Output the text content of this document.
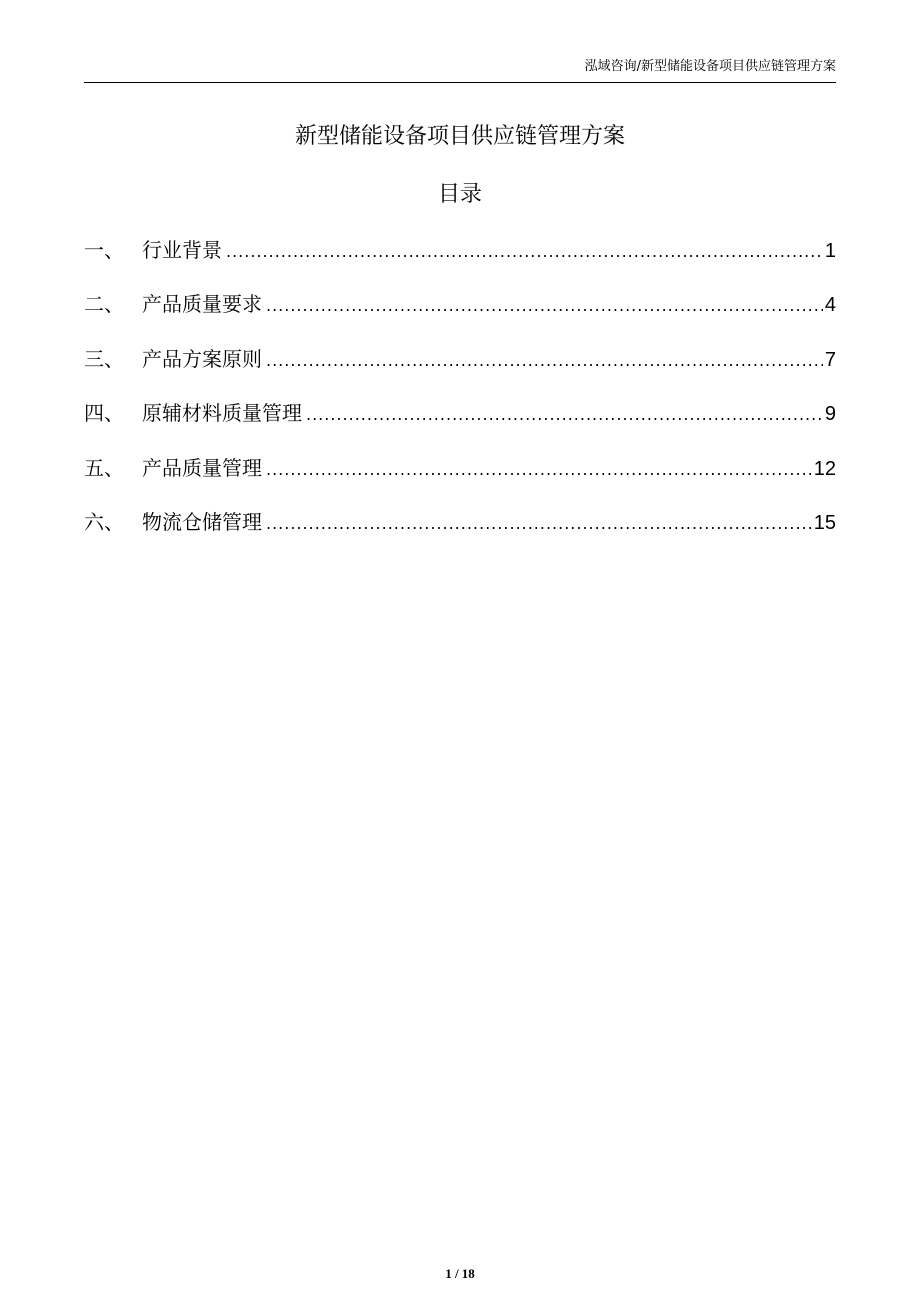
泓域咨询/新型储能设备项目供应链管理方案
新型储能设备项目供应链管理方案
目录
一、 行业背景 .....	1
二、 产品质量要求 .....	4
三、 产品方案原则 .....	7
四、 原辅材料质量管理 .....	9
五、 产品质量管理 .....	12
六、 物流仓储管理 .....	15
1 / 18
